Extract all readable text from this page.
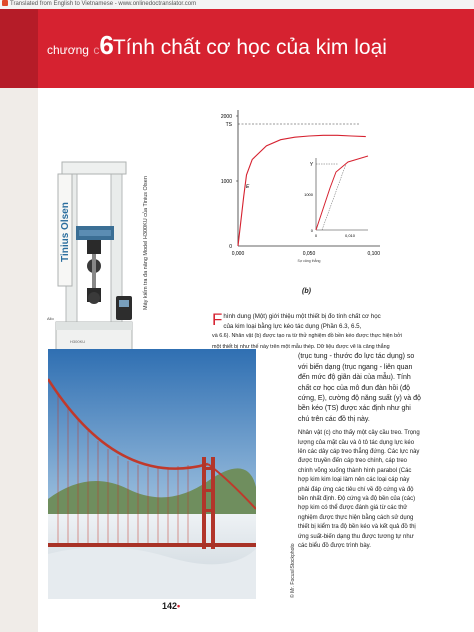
Translated from English to Vietnamese - www.onlinedoctranslator.com
chương c6Tính chất cơ học của kim loại
Tinius Olsen
H300KU
Máy kiểm tra đa năng Model H300KU của Tinius Olsen
Allo
2000
TS
1000
0
0,000	0,050	0,100
Sự căng thẳng
E
Y
1000
0
0	0,010
(b)
© Mr. Focus/iStockphoto

Fhình dung (Một) giới thiệu một thiết bị đo tính chất cơ học
của kim loại bằng lực kéo tác dụng (Phần 6.3, 6.5,
và 6.6). Nhân vật (b) được tạo ra từ thử nghiệm đồ bền kéo được thực hiện bởi
một thiết bị như thế này trên một mẫu thép. Dữ liệu được vẽ là căng thẳng

(trục tung - thước đo lực tác dụng) so với biến dạng (trục ngang - liên quan đến mức độ giãn dài của mẫu). Tính chất cơ học của mô đun đàn hồi (độ cứng, E), cường độ năng suất (y) và độ bền kéo (TS) được xác định như ghi chú trên các đồ thị này.

Nhân vật (c) cho thấy một cây cầu treo. Trọng lượng của mặt cầu và ô tô tác dụng lực kéo lên các dây cáp treo thẳng đứng. Các lực này được truyền đến cáp treo chính, cáp treo chính võng xuống thành hình parabol (Các hợp kim kim loại làm nên các loại cáp này phải đáp ứng các tiêu chí về độ cứng và độ bền nhất định. Độ cứng và độ bền của (các) hợp kim có thể được đánh giá từ các thử nghiệm được thực hiện bằng cách sử dụng thiết bị kiểm tra độ bền kéo và kết quả đồ thị ứng suất-biến dạng thu được tương tự như các biểu đồ được trình bày.

142•
